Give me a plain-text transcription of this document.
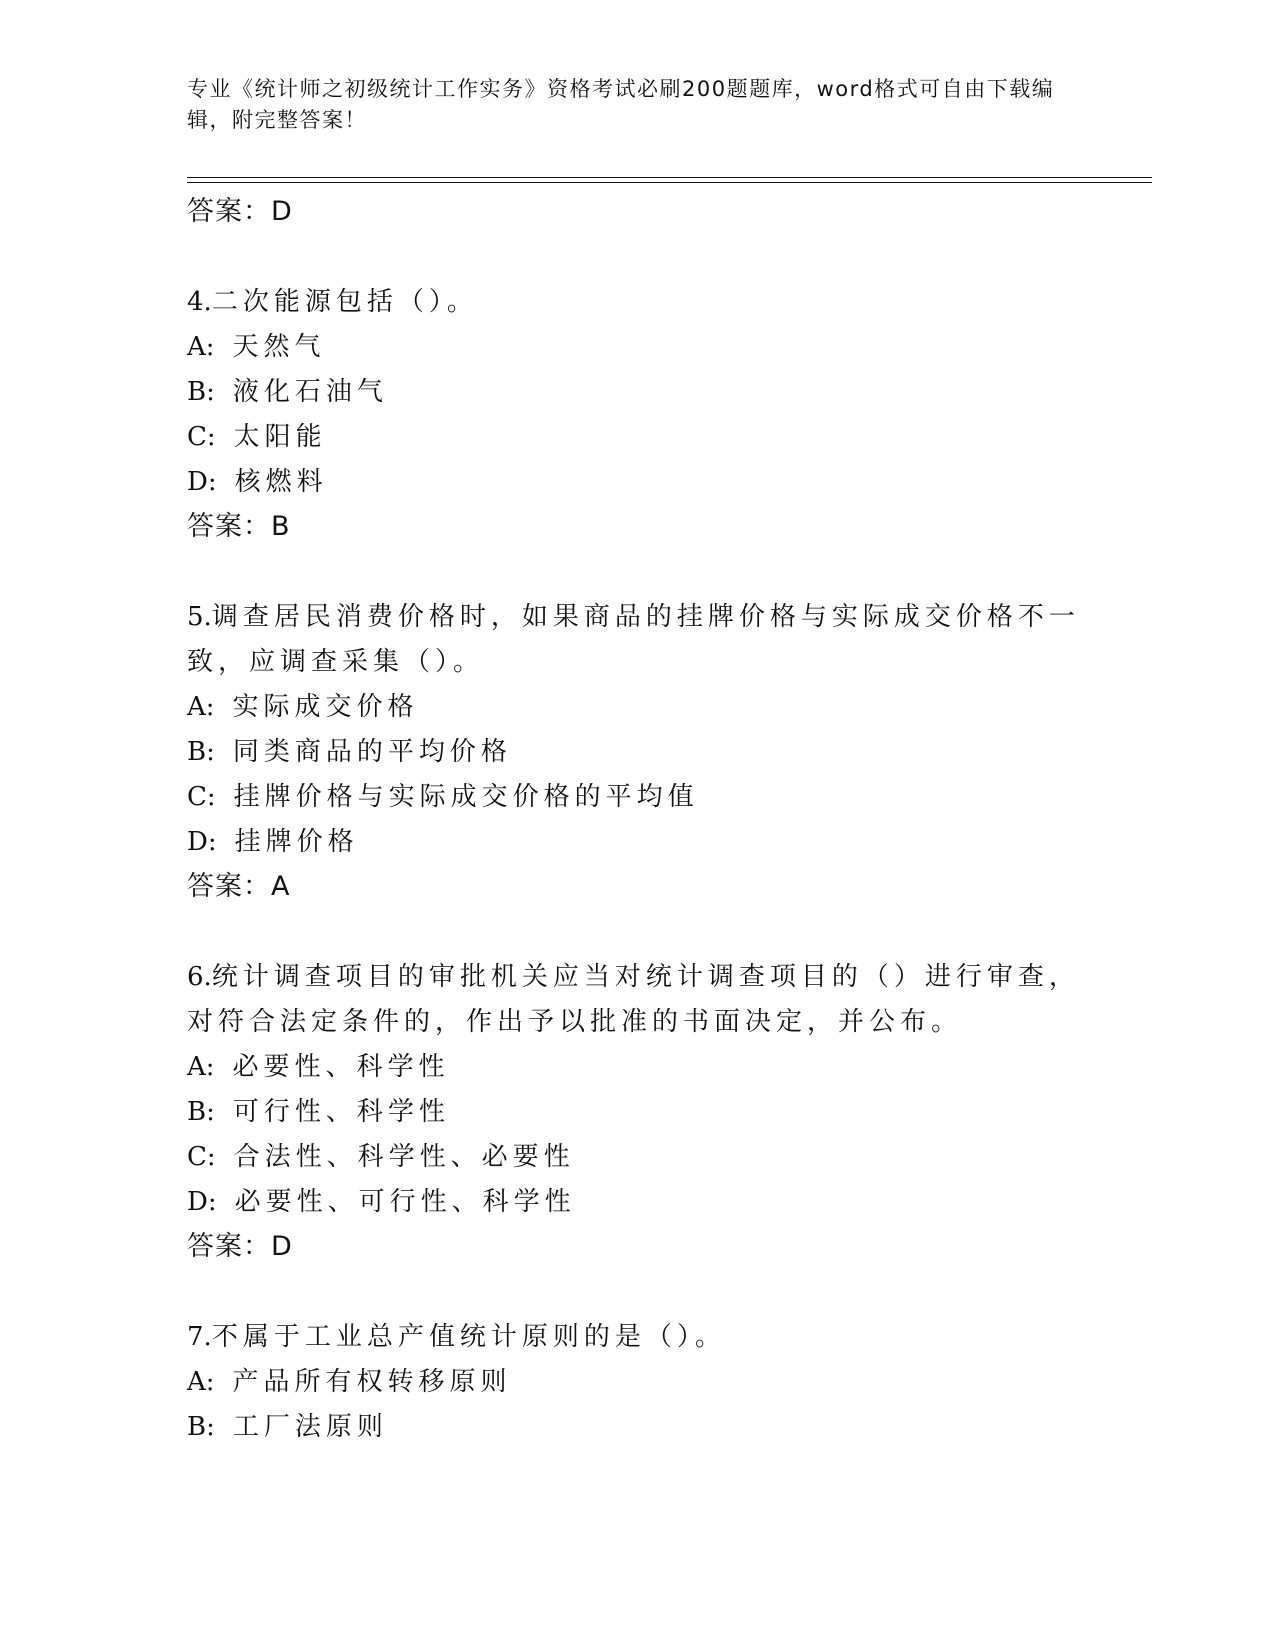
专业《统计师之初级统计工作实务》资格考试必刷200题题库，word格式可自由下载编辑，附完整答案！
答案：D
4.二次能源包括（）。
A: 天然气
B: 液化石油气
C: 太阳能
D: 核燃料
答案：B
5.调查居民消费价格时，如果商品的挂牌价格与实际成交价格不一致，应调查采集（）。
A: 实际成交价格
B: 同类商品的平均价格
C: 挂牌价格与实际成交价格的平均值
D: 挂牌价格
答案：A
6.统计调查项目的审批机关应当对统计调查项目的（）进行审查，对符合法定条件的，作出予以批准的书面决定，并公布。
A: 必要性、科学性
B: 可行性、科学性
C: 合法性、科学性、必要性
D: 必要性、可行性、科学性
答案：D
7.不属于工业总产值统计原则的是（）。
A: 产品所有权转移原则
B: 工厂法原则
